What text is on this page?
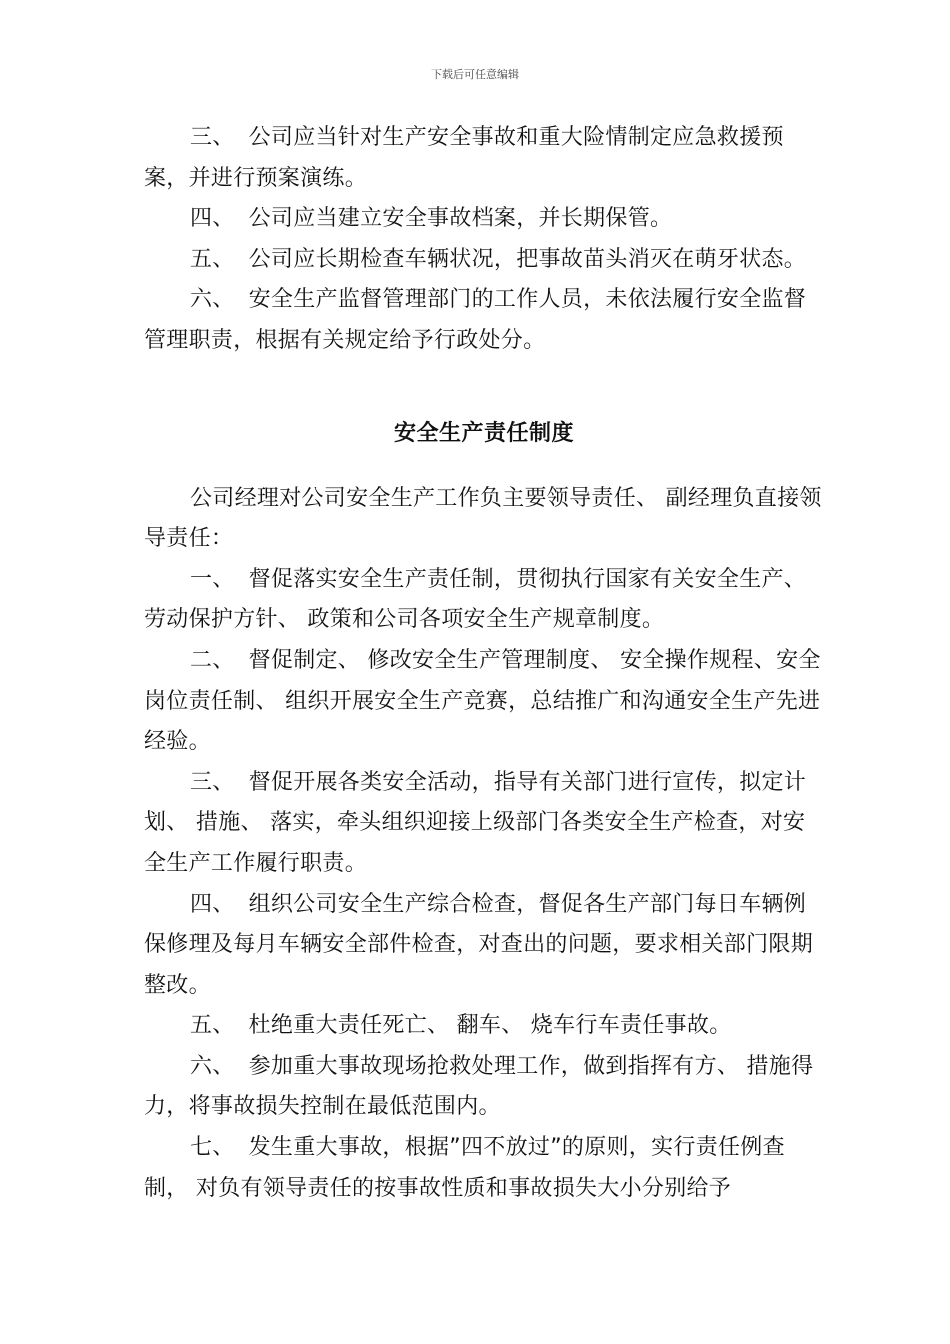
下载后可任意编辑

三、 公司应当针对生产安全事故和重大险情制定应急救援预案，并进行预案演练。

四、 公司应当建立安全事故档案，并长期保管。

五、 公司应长期检查车辆状况，把事故苗头消灭在萌牙状态。

六、 安全生产监督管理部门的工作人员，未依法履行安全监督管理职责，根据有关规定给予行政处分。

安全生产责任制度

公司经理对公司安全生产工作负主要领导责任、 副经理负直接领导责任：

一、 督促落实安全生产责任制，贯彻执行国家有关安全生产、 劳动保护方针、 政策和公司各项安全生产规章制度。

二、 督促制定、 修改安全生产管理制度、 安全操作规程、安全岗位责任制、 组织开展安全生产竞赛，总结推广和沟通安全生产先进经验。

三、 督促开展各类安全活动，指导有关部门进行宣传，拟定计划、 措施、 落实，牵头组织迎接上级部门各类安全生产检查，对安全生产工作履行职责。

四、 组织公司安全生产综合检查，督促各生产部门每日车辆例保修理及每月车辆安全部件检查，对查出的问题，要求相关部门限期整改。

五、 杜绝重大责任死亡、 翻车、 烧车行车责任事故。

六、 参加重大事故现场抢救处理工作，做到指挥有方、 措施得力，将事故损失控制在最低范围内。

七、 发生重大事故，根据”四不放过”的原则，实行责任例查制， 对负有领导责任的按事故性质和事故损失大小分别给予
